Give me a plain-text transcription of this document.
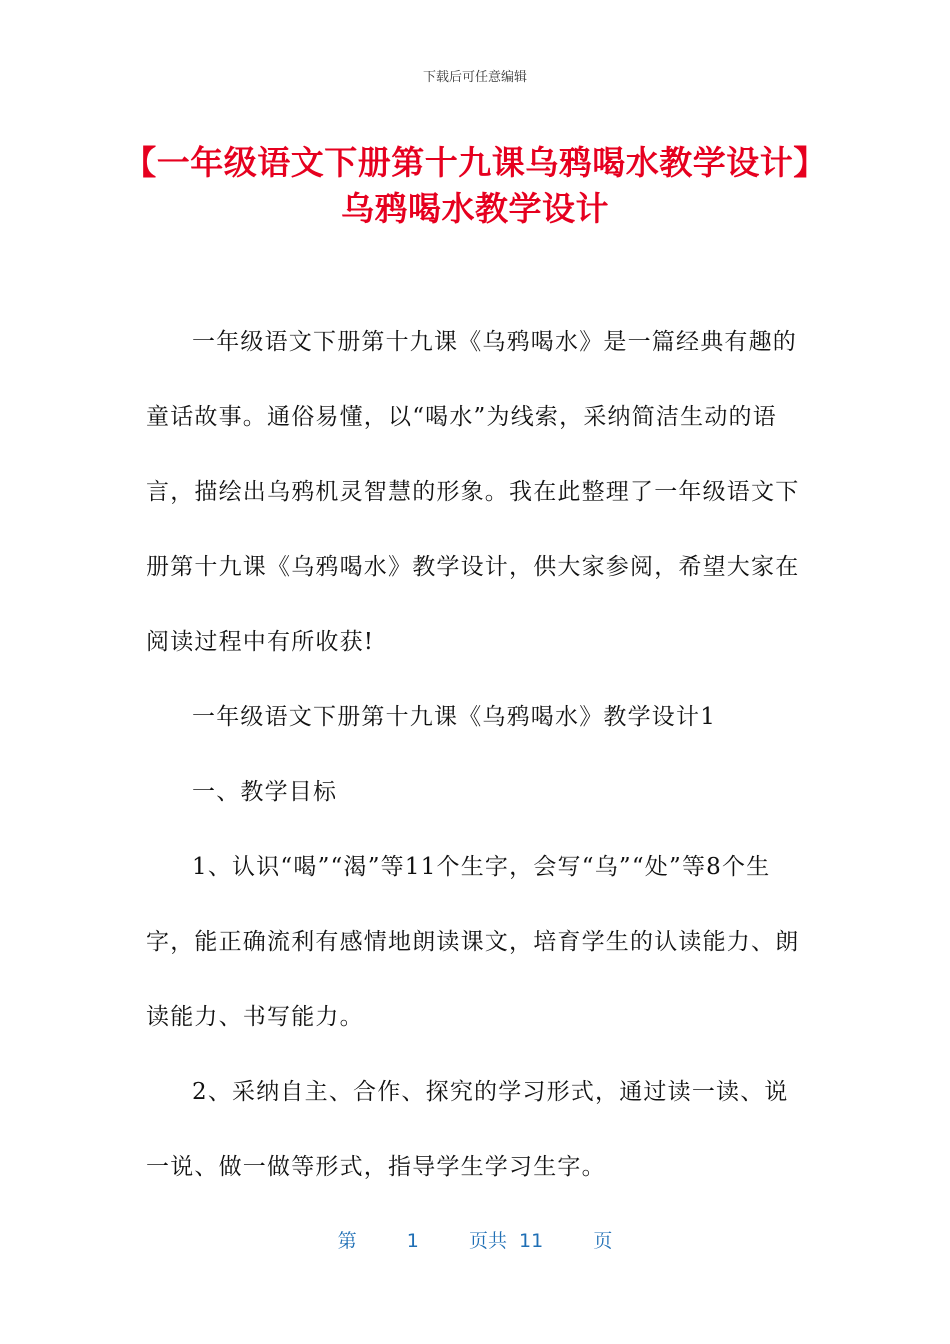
下载后可任意编辑
【一年级语文下册第十九课乌鸦喝水教学设计】乌鸦喝水教学设计

一年级语文下册第十九课《乌鸦喝水》是一篇经典有趣的童话故事。通俗易懂，以“喝水”为线索，采纳简洁生动的语言，描绘出乌鸦机灵智慧的形象。我在此整理了一年级语文下册第十九课《乌鸦喝水》教学设计，供大家参阅，希望大家在阅读过程中有所收获!

一年级语文下册第十九课《乌鸦喝水》教学设计1

一、教学目标

1、认识“喝”“渴”等11个生字，会写“乌”“处”等8个生字，能正确流利有感情地朗读课文，培育学生的认读能力、朗读能力、书写能力。

2、采纳自主、合作、探究的学习形式，通过读一读、说一说、做一做等形式，指导学生学习生字。

第	1	页共 11	页
